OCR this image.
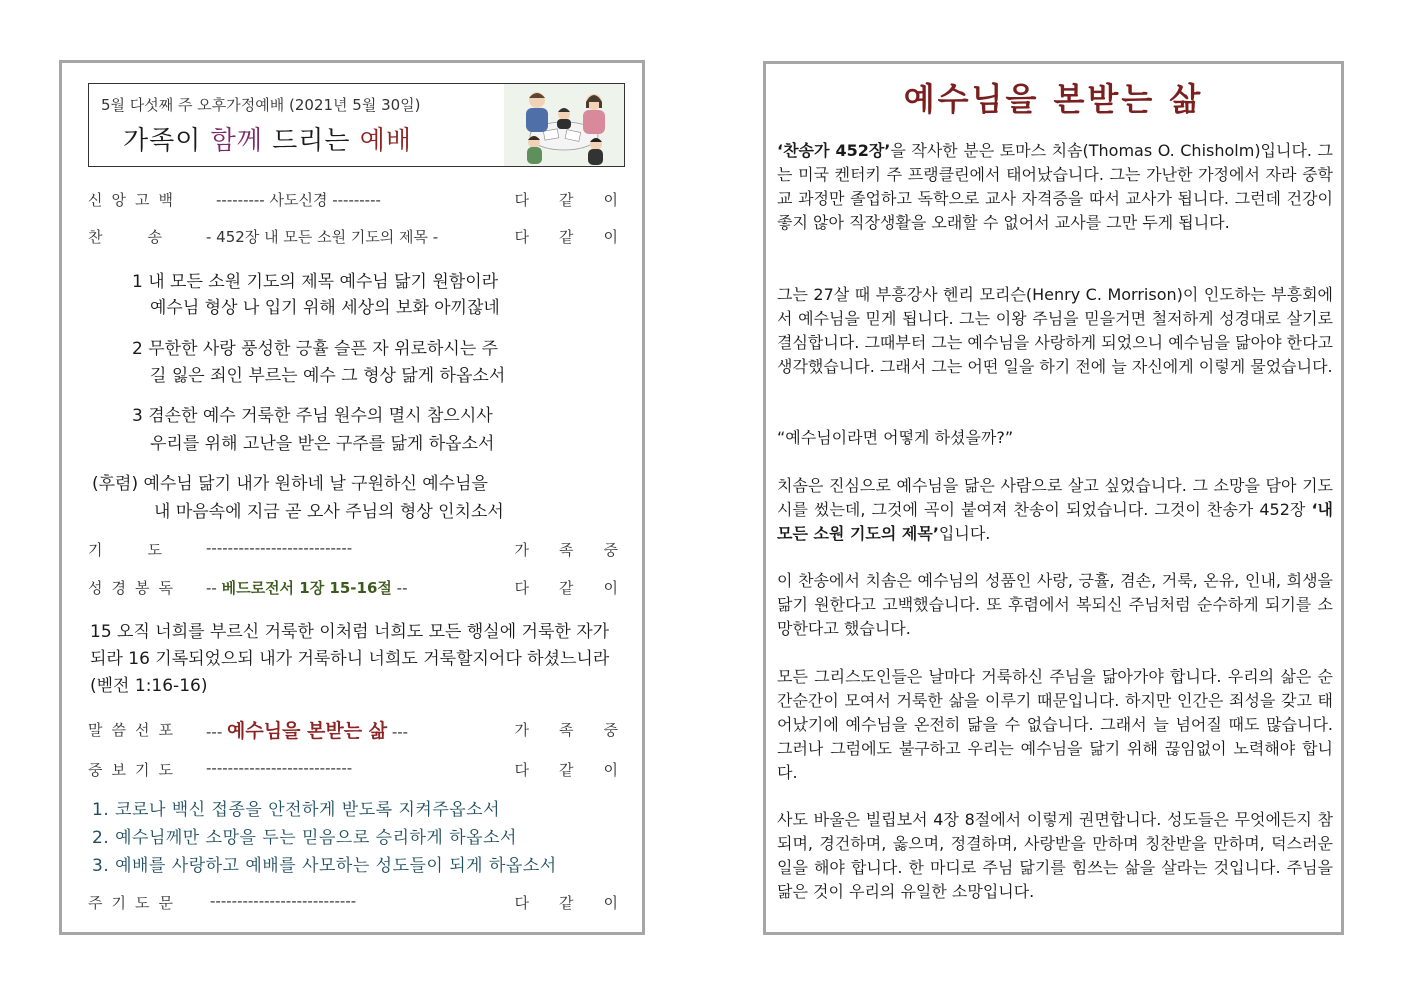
5월 다섯째 주 오후가정예배 (2021년 5월 30일)
가족이 함께 드리는 예배
신앙고백 --------- 사도신경 ---------	다같이
찬　　　송	- 452장 내 모든 소원 기도의 제목 -	다같이
1 내 모든 소원 기도의 제목 예수님 닮기 원함이라
예수님 형상 나 입기 위해 세상의 보화 아끼잖네
2 무한한 사랑 풍성한 긍휼 슬픈 자 위로하시는 주
길 잃은 죄인 부르는 예수 그 형상 닮게 하옵소서
3 겸손한 예수 거룩한 주님 원수의 멸시 참으시사
우리를 위해 고난을 받은 구주를 닮게 하옵소서
(후렴) 예수님 닮기 내가 원하네 날 구원하신 예수님을
내 마음속에 지금 곧 오사 주님의 형상 인치소서
기　　　도	---------------------------	가족중
성경봉독 -- 베드로전서 1장 15-16절 --	다같이
15 오직 너희를 부르신 거룩한 이처럼 너희도 모든 행실에 거룩한 자가 되라 16 기록되었으되 내가 거룩하니 너희도 거룩할지어다 하셨느니라 (벧전 1:16-16)
말씀선포 --- 예수님을 본받는 삶 ---	가족중
중보기도 ---------------------------	다같이
1. 코로나 백신 접종을 안전하게 받도록 지켜주옵소서
2. 예수님께만 소망을 두는 믿음으로 승리하게 하옵소서
3. 예배를 사랑하고 예배를 사모하는 성도들이 되게 하옵소서
주기도문 ---------------------------	다같이
예수님을 본받는 삶
‘찬송가 452장’을 작사한 분은 토마스 치솜(Thomas O. Chisholm)입니다. 그는 미국 켄터키 주 프랭클린에서 태어났습니다. 그는 가난한 가정에서 자라 중학교 과정만 졸업하고 독학으로 교사 자격증을 따서 교사가 됩니다. 그런데 건강이 좋지 않아 직장생활을 오래할 수 없어서 교사를 그만 두게 됩니다.
그는 27살 때 부흥강사 헨리 모리슨(Henry C. Morrison)이 인도하는 부흥회에서 예수님을 믿게 됩니다. 그는 이왕 주님을 믿을거면 철저하게 성경대로 살기로 결심합니다. 그때부터 그는 예수님을 사랑하게 되었으니 예수님을 닮아야 한다고 생각했습니다. 그래서 그는 어떤 일을 하기 전에 늘 자신에게 이렇게 물었습니다.
“예수님이라면 어떻게 하셨을까?”
치솜은 진심으로 예수님을 닮은 사람으로 살고 싶었습니다. 그 소망을 담아 기도시를 썼는데, 그것에 곡이 붙여져 찬송이 되었습니다. 그것이 찬송가 452장 ‘내 모든 소원 기도의 제목’입니다.
이 찬송에서 치솜은 예수님의 성품인 사랑, 긍휼, 겸손, 거룩, 온유, 인내, 희생을 닮기 원한다고 고백했습니다. 또 후렴에서 복되신 주님처럼 순수하게 되기를 소망한다고 했습니다.
모든 그리스도인들은 날마다 거룩하신 주님을 닮아가야 합니다. 우리의 삶은 순간순간이 모여서 거룩한 삶을 이루기 때문입니다. 하지만 인간은 죄성을 갖고 태어났기에 예수님을 온전히 닮을 수 없습니다. 그래서 늘 넘어질 때도 많습니다. 그러나 그럼에도 불구하고 우리는 예수님을 닮기 위해 끊임없이 노력해야 합니다.
사도 바울은 빌립보서 4장 8절에서 이렇게 권면합니다. 성도들은 무엇에든지 참되며, 경건하며, 옳으며, 정결하며, 사랑받을 만하며 칭찬받을 만하며, 덕스러운 일을 해야 합니다. 한 마디로 주님 닮기를 힘쓰는 삶을 살라는 것입니다. 주님을 닮은 것이 우리의 유일한 소망입니다.
